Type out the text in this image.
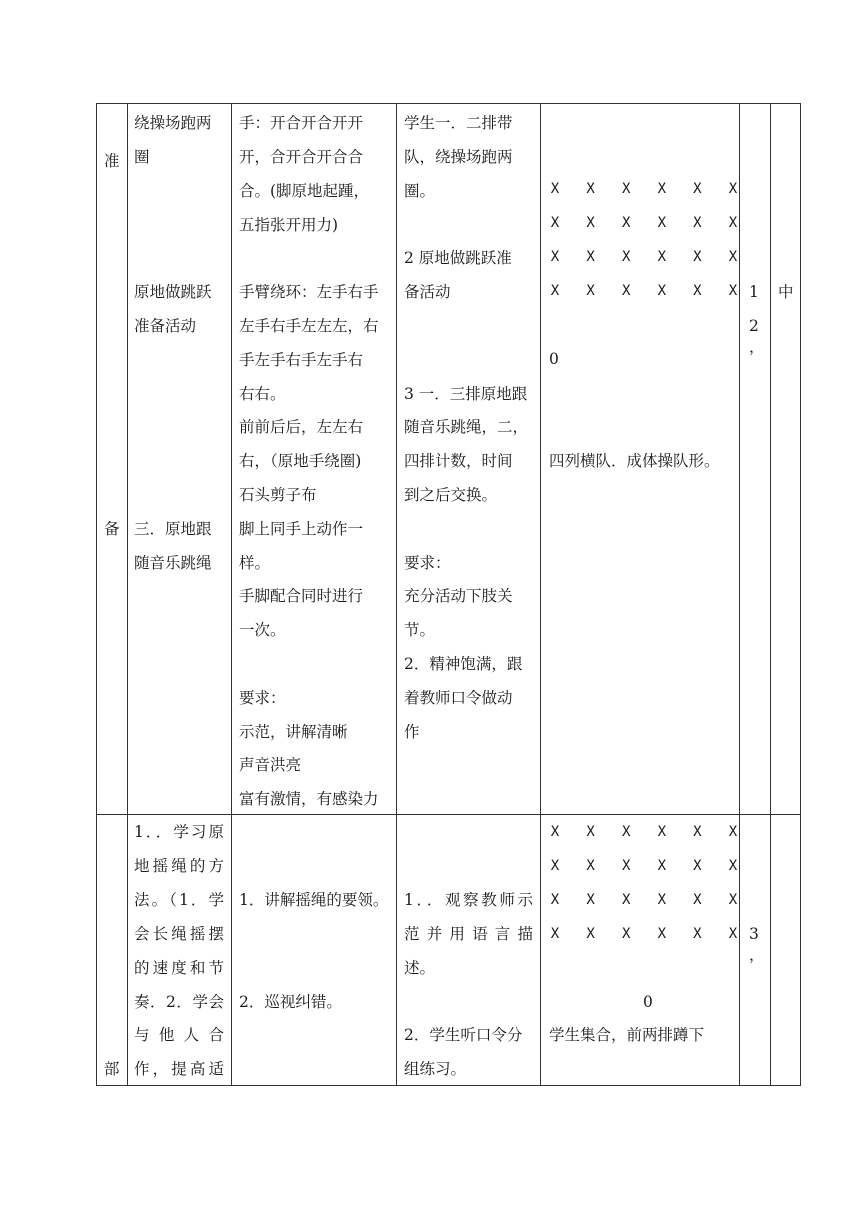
准
备
绕操场跑两
圈
原地做跳跃
准备活动
三．原地跟
随音乐跳绳
手：开合开合开开
开，合开合开合合
合。(脚原地起踵，
五指张开用力)
手臂绕环：左手右手
左手右手左左左，右
手左手右手左手右
右右。
前前后后，左左右
右，（原地手绕圈)
石头剪子布
脚上同手上动作一
样。
手脚配合同时进行
一次。
要求：
示范，讲解清晰
声音洪亮
富有激情，有感染力
学生一．二排带
队，绕操场跑两
圈。
2 原地做跳跃准
备活动
3 一．三排原地跟
随音乐跳绳，二，
四排计数，时间
到之后交换。
要求：
充分活动下肢关
节。
2．精神饱满，跟
着教师口令做动
作
X X X X X X
X X X X X X
X X X X X X
X X X X X X
0
四列横队．成体操队形。
1
2
，
中
部
1．．学习原
地摇绳的方
法。（1．学
会长绳摇摆
的速度和节
奏．2．学会
与他人合
作，提高适
1．讲解摇绳的要领。
2．巡视纠错。
1．．观察教师示
范并用语言描
述。
2．学生听口令分
组练习。
X X X X X X
X X X X X X
X X X X X X
X X X X X X
0
学生集合，前两排蹲下
3
，
